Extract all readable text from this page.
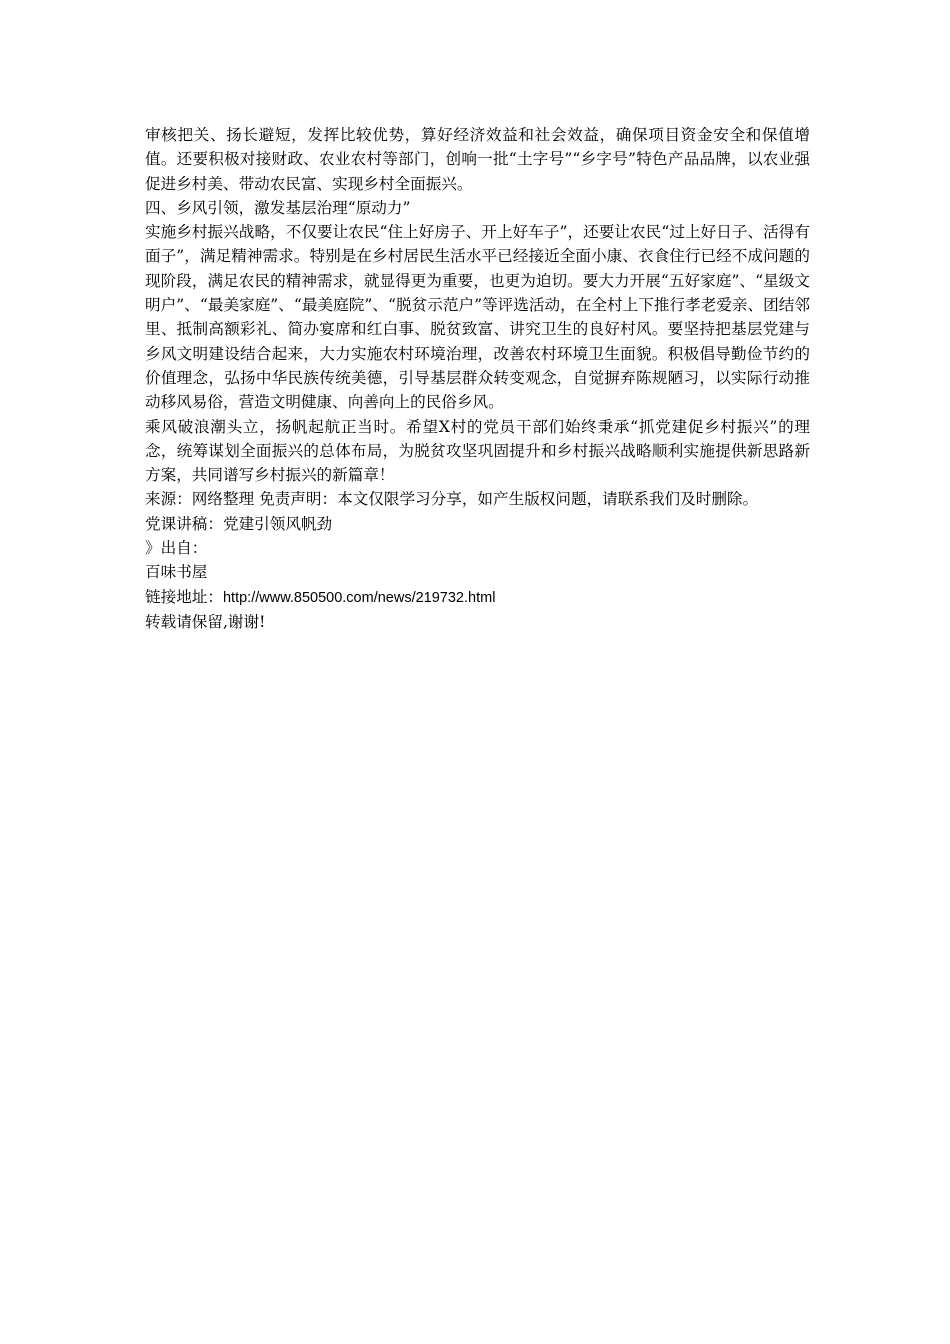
审核把关、扬长避短，发挥比较优势，算好经济效益和社会效益，确保项目资金安全和保值增值。还要积极对接财政、农业农村等部门，创响一批“土字号”“乡字号”特色产品品牌，以农业强促进乡村美、带动农民富、实现乡村全面振兴。

四、乡风引领，激发基层治理“原动力”

实施乡村振兴战略，不仅要让农民“住上好房子、开上好车子”，还要让农民“过上好日子、活得有面子”，满足精神需求。特别是在乡村居民生活水平已经接近全面小康、衣食住行已经不成问题的现阶段，满足农民的精神需求，就显得更为重要，也更为迫切。要大力开展“五好家庭”、“星级文明户”、“最美家庭”、“最美庭院”、“脱贫示范户”等评选活动，在全村上下推行孝老爱亲、团结邻里、抵制高额彩礼、简办宴席和红白事、脱贫致富、讲究卫生的良好村风。要坚持把基层党建与乡风文明建设结合起来，大力实施农村环境治理，改善农村环境卫生面貌。积极倡导勤俭节约的价值理念，弘扬中华民族传统美德，引导基层群众转变观念，自觉摒弃陈规陋习，以实际行动推动移风易俗，营造文明健康、向善向上的民俗乡风。

乘风破浪潮头立，扬帆起航正当时。希望X村的党员干部们始终秉承“抓党建促乡村振兴”的理念，统筹谋划全面振兴的总体布局，为脱贫攻坚巩固提升和乡村振兴战略顺利实施提供新思路新方案，共同谱写乡村振兴的新篇章！

来源：网络整理 免责声明：本文仅限学习分享，如产生版权问题，请联系我们及时删除。

党课讲稿：党建引领风帆劲

》出自：

百味书屋

链接地址：http://www.850500.com/news/219732.html

转载请保留,谢谢!
